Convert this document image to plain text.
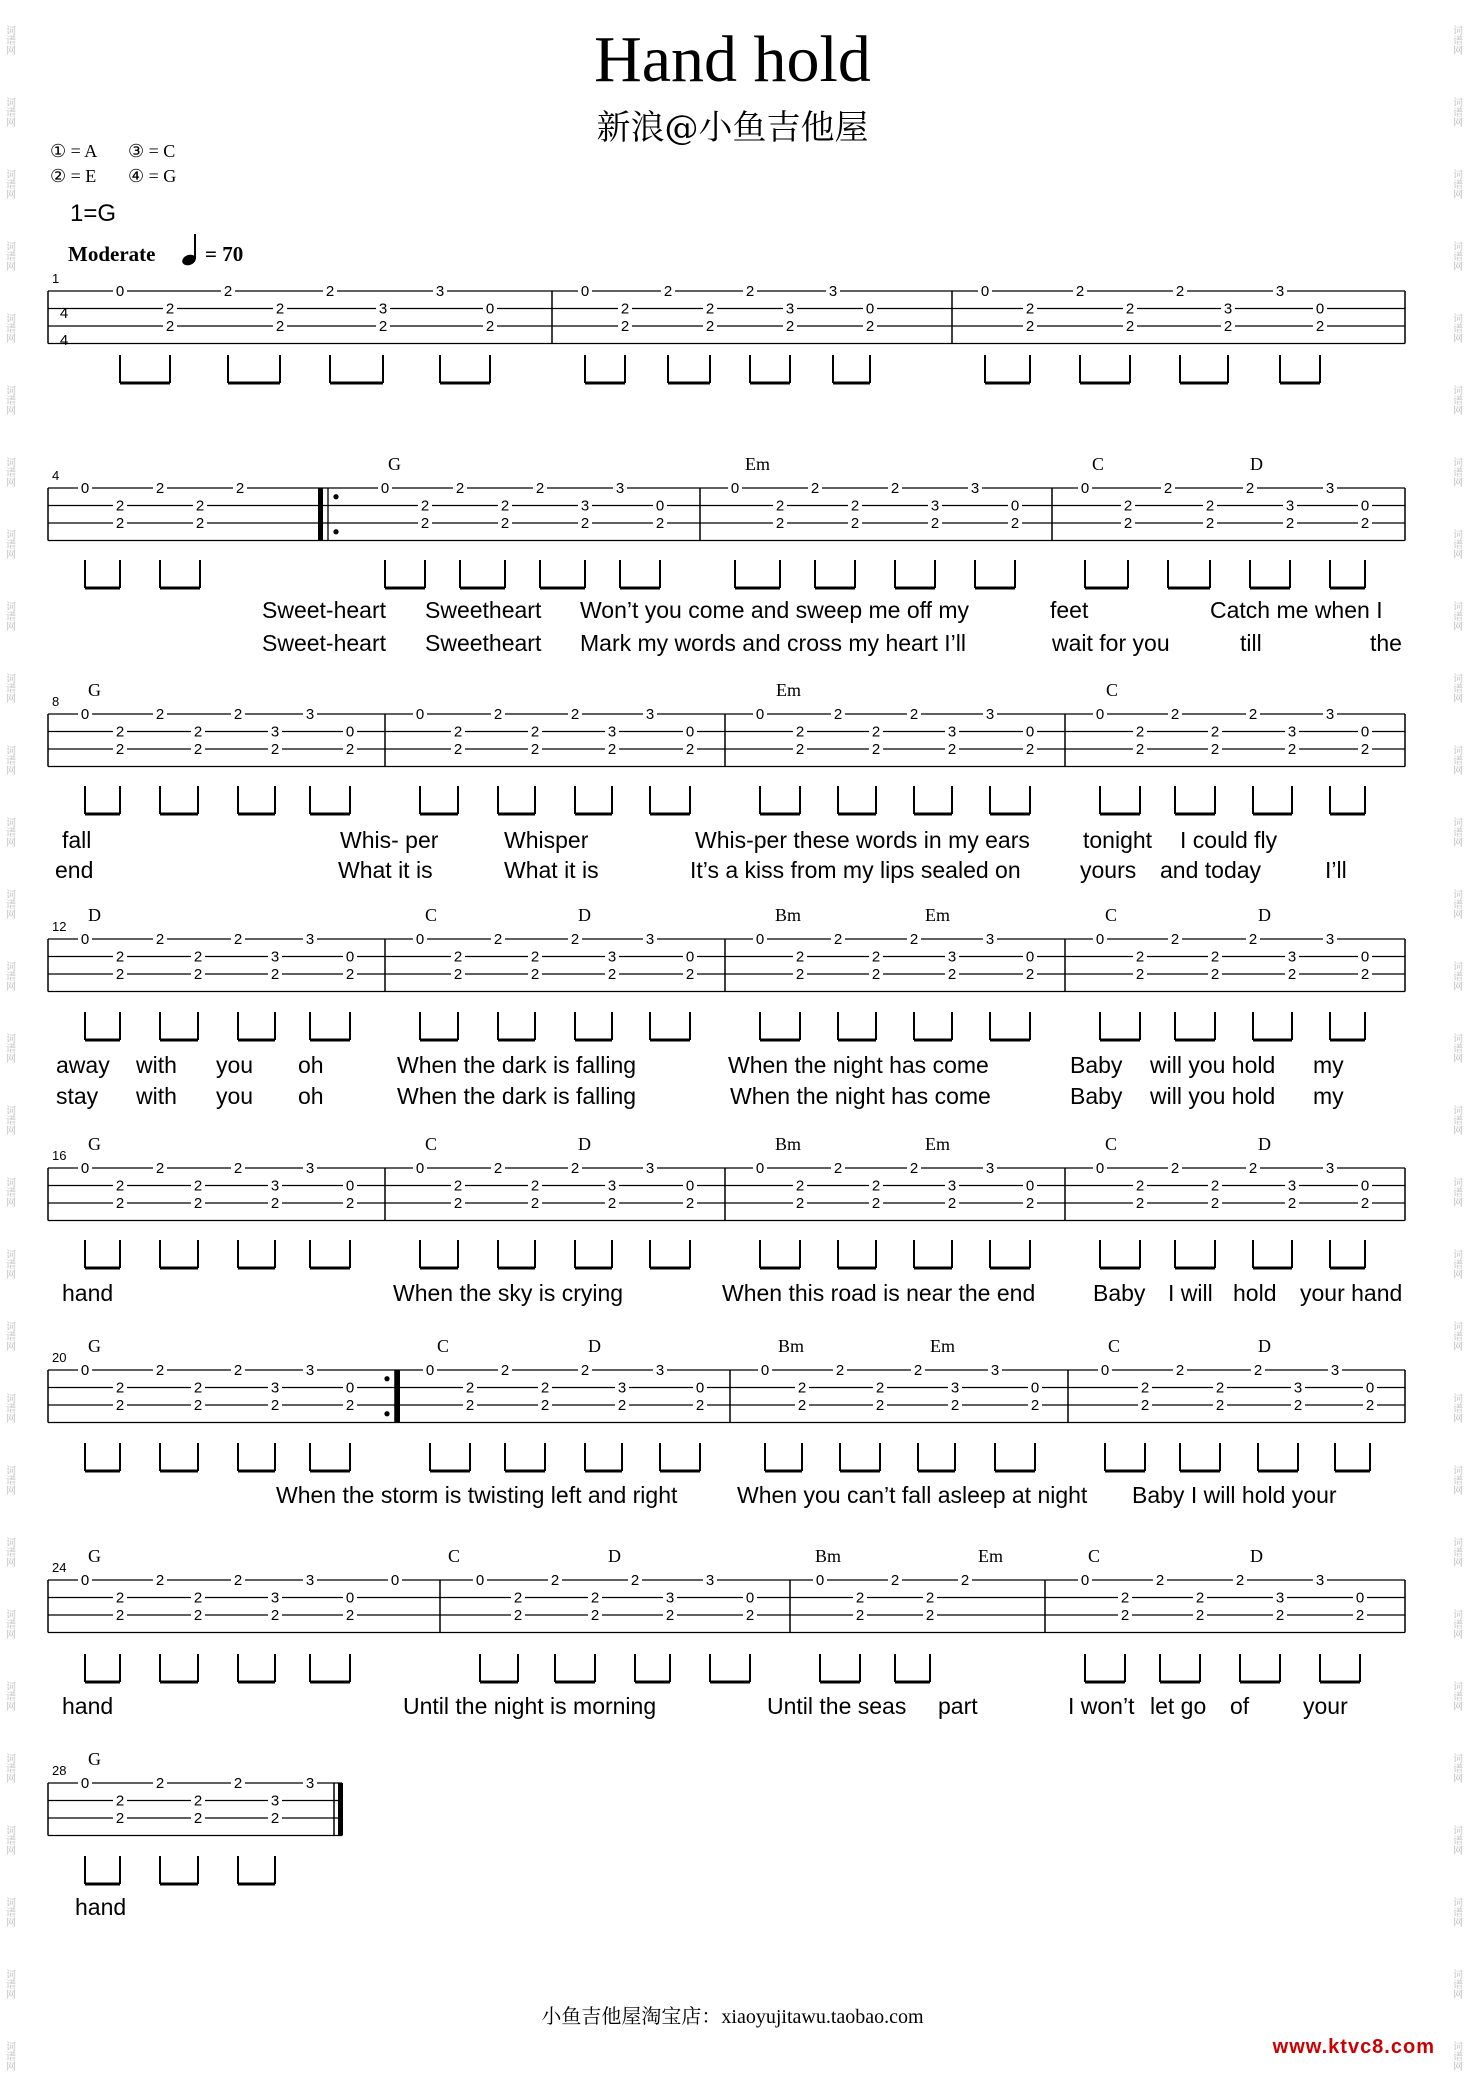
Hand hold
新浪@小鱼吉他屋
① = A ③ = C
② = E ④ = G
1=G
Moderate = 70
词谱网	词谱网
词谱网	词谱网
词谱网	词谱网
词谱网	词谱网
词谱网	词谱网
词谱网	词谱网
词谱网	词谱网
词谱网	词谱网
词谱网	词谱网
词谱网	词谱网
词谱网	词谱网
词谱网	词谱网
词谱网	词谱网
词谱网	词谱网
词谱网	词谱网
词谱网	词谱网
词谱网	词谱网
词谱网	词谱网
词谱网	词谱网
词谱网	词谱网
词谱网	词谱网
词谱网	词谱网
词谱网	词谱网
词谱网	词谱网
词谱网	词谱网
词谱网	词谱网
词谱网	词谱网
词谱网	词谱网
词谱网	词谱网
4
4
1
0
2
2
2
2
2
2
3
2
3
0
2
0
2
2
2
2
2
2
3
2
3
0
2
0
2
2
2
2
2
2
3
2
3
0
2
4
0
2
2
2
2
2
2	0
2
2
2
2
2
2
3
2
3
0
2
0
2
2
2
2
2
2
3
2
3
0
2
0
2
2
2
2
2
2
3
2
3
0
2
G	Em	C	D
Sweet-heart Sweetheart Won’t you come and sweep me off my	feet	Catch me when I
Sweet-heart Sweetheart Mark my words and cross my heart I’ll	wait for you	till	the
8
0
2
2
2
2
2
2
3
2
3
0
2
0
2
2
2
2
2
2
3
2
3
0
2
0
2
2
2
2
2
2
3
2
3
0
2
0
2
2
2
2
2
2
3
2
3
0
2
G	Em	C
fall	Whis- per	Whisper	Whis-per these words in my ears tonight I could fly
end	What it is	What it is	It’s a kiss from my lips sealed on	yours and today	I’ll
12
0
2
2
2
2
2
2
3
2
3
0
2
0
2
2
2
2
2
2
3
2
3
0
2
0
2
2
2
2
2
2
3
2
3
0
2
0
2
2
2
2
2
2
3
2
3
0
2
D	C	D	Bm	Em	C	D
away with you oh	When the dark is falling	When the night has come	Baby will you hold my
stay with you oh	When the dark is falling	When the night has come	Baby will you hold my
16
0
2
2
2
2
2
2
3
2
3
0
2
0
2
2
2
2
2
2
3
2
3
0
2
0
2
2
2
2
2
2
3
2
3
0
2
0
2
2
2
2
2
2
3
2
3
0
2
G	C	D	Bm	Em	C	D
hand	When the sky is crying	When this road is near the end	Baby I will hold your hand
20
0
2
2
2
2
2
2
3
2
3
0
2
0
2
2
2
2
2
2
3
2
3
0
2
0
2
2
2
2
2
2
3
2
3
0
2
0
2
2
2
2
2
2
3
2
3
0
2
G	C	D	Bm	Em	C	D
When the storm is twisting left and right	When you can’t fall asleep at night Baby I will hold your
24
0
2
2
2
2
2
2
3
2
3
0
2
0	0
2
2
2
2
2
2
3
2
3
0
2
0
2
2
2
2
2
2	0
2
2
2
2
2
2
3
2
3
0
2
G	C	D	Bm	Em	C	D
hand	Until the night is morning	Until the seas part	I won’t let go of your
28
0
2
2
2
2
2
2
3
2
3
G
hand
小鱼吉他屋淘宝店：xiaoyujitawu.taobao.com
www.ktvc8.com
